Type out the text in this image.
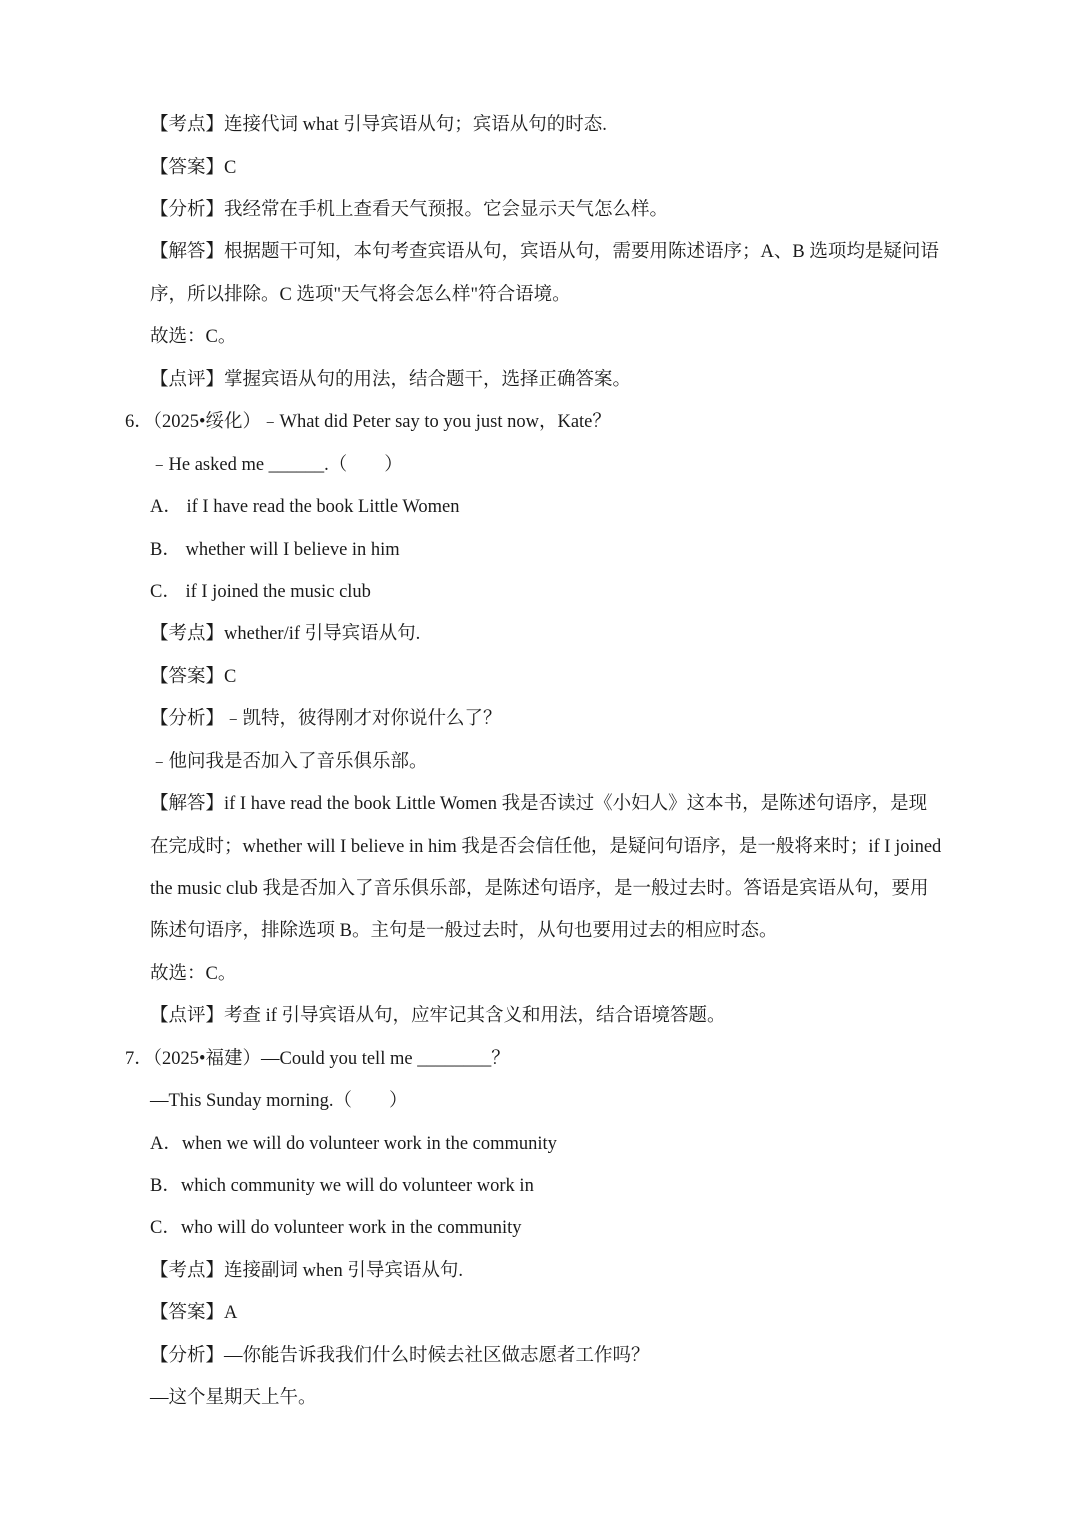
【考点】连接代词 what 引导宾语从句；宾语从句的时态.
【答案】C
【分析】我经常在手机上查看天气预报。它会显示天气怎么样。
【解答】根据题干可知，本句考查宾语从句，宾语从句，需要用陈述语序；A、B 选项均是疑问语
序，所以排除。C 选项"天气将会怎么样"符合语境。
故选：C。
【点评】掌握宾语从句的用法，结合题干，选择正确答案。
6．（2025•绥化）﹣What did Peter say to you just now，Kate？
﹣He asked me ______.（　　）
A． if I have read the book Little Women
B． whether will I believe in him
C． if I joined the music club
【考点】whether/if 引导宾语从句.
【答案】C
【分析】﹣凯特，彼得刚才对你说什么了？
﹣他问我是否加入了音乐俱乐部。
【解答】if I have read the book Little Women 我是否读过《小妇人》这本书，是陈述句语序，是现
在完成时；whether will I believe in him 我是否会信任他，是疑问句语序，是一般将来时；if I joined
the music club 我是否加入了音乐俱乐部，是陈述句语序，是一般过去时。答语是宾语从句，要用
陈述句语序，排除选项 B。主句是一般过去时，从句也要用过去的相应时态。
故选：C。
【点评】考查 if 引导宾语从句，应牢记其含义和用法，结合语境答题。
7．（2025•福建）—Could you tell me ________？
—This Sunday morning.（　　）
A．when we will do volunteer work in the community
B．which community we will do volunteer work in
C．who will do volunteer work in the community
【考点】连接副词 when 引导宾语从句.
【答案】A
【分析】—你能告诉我我们什么时候去社区做志愿者工作吗？
—这个星期天上午。
